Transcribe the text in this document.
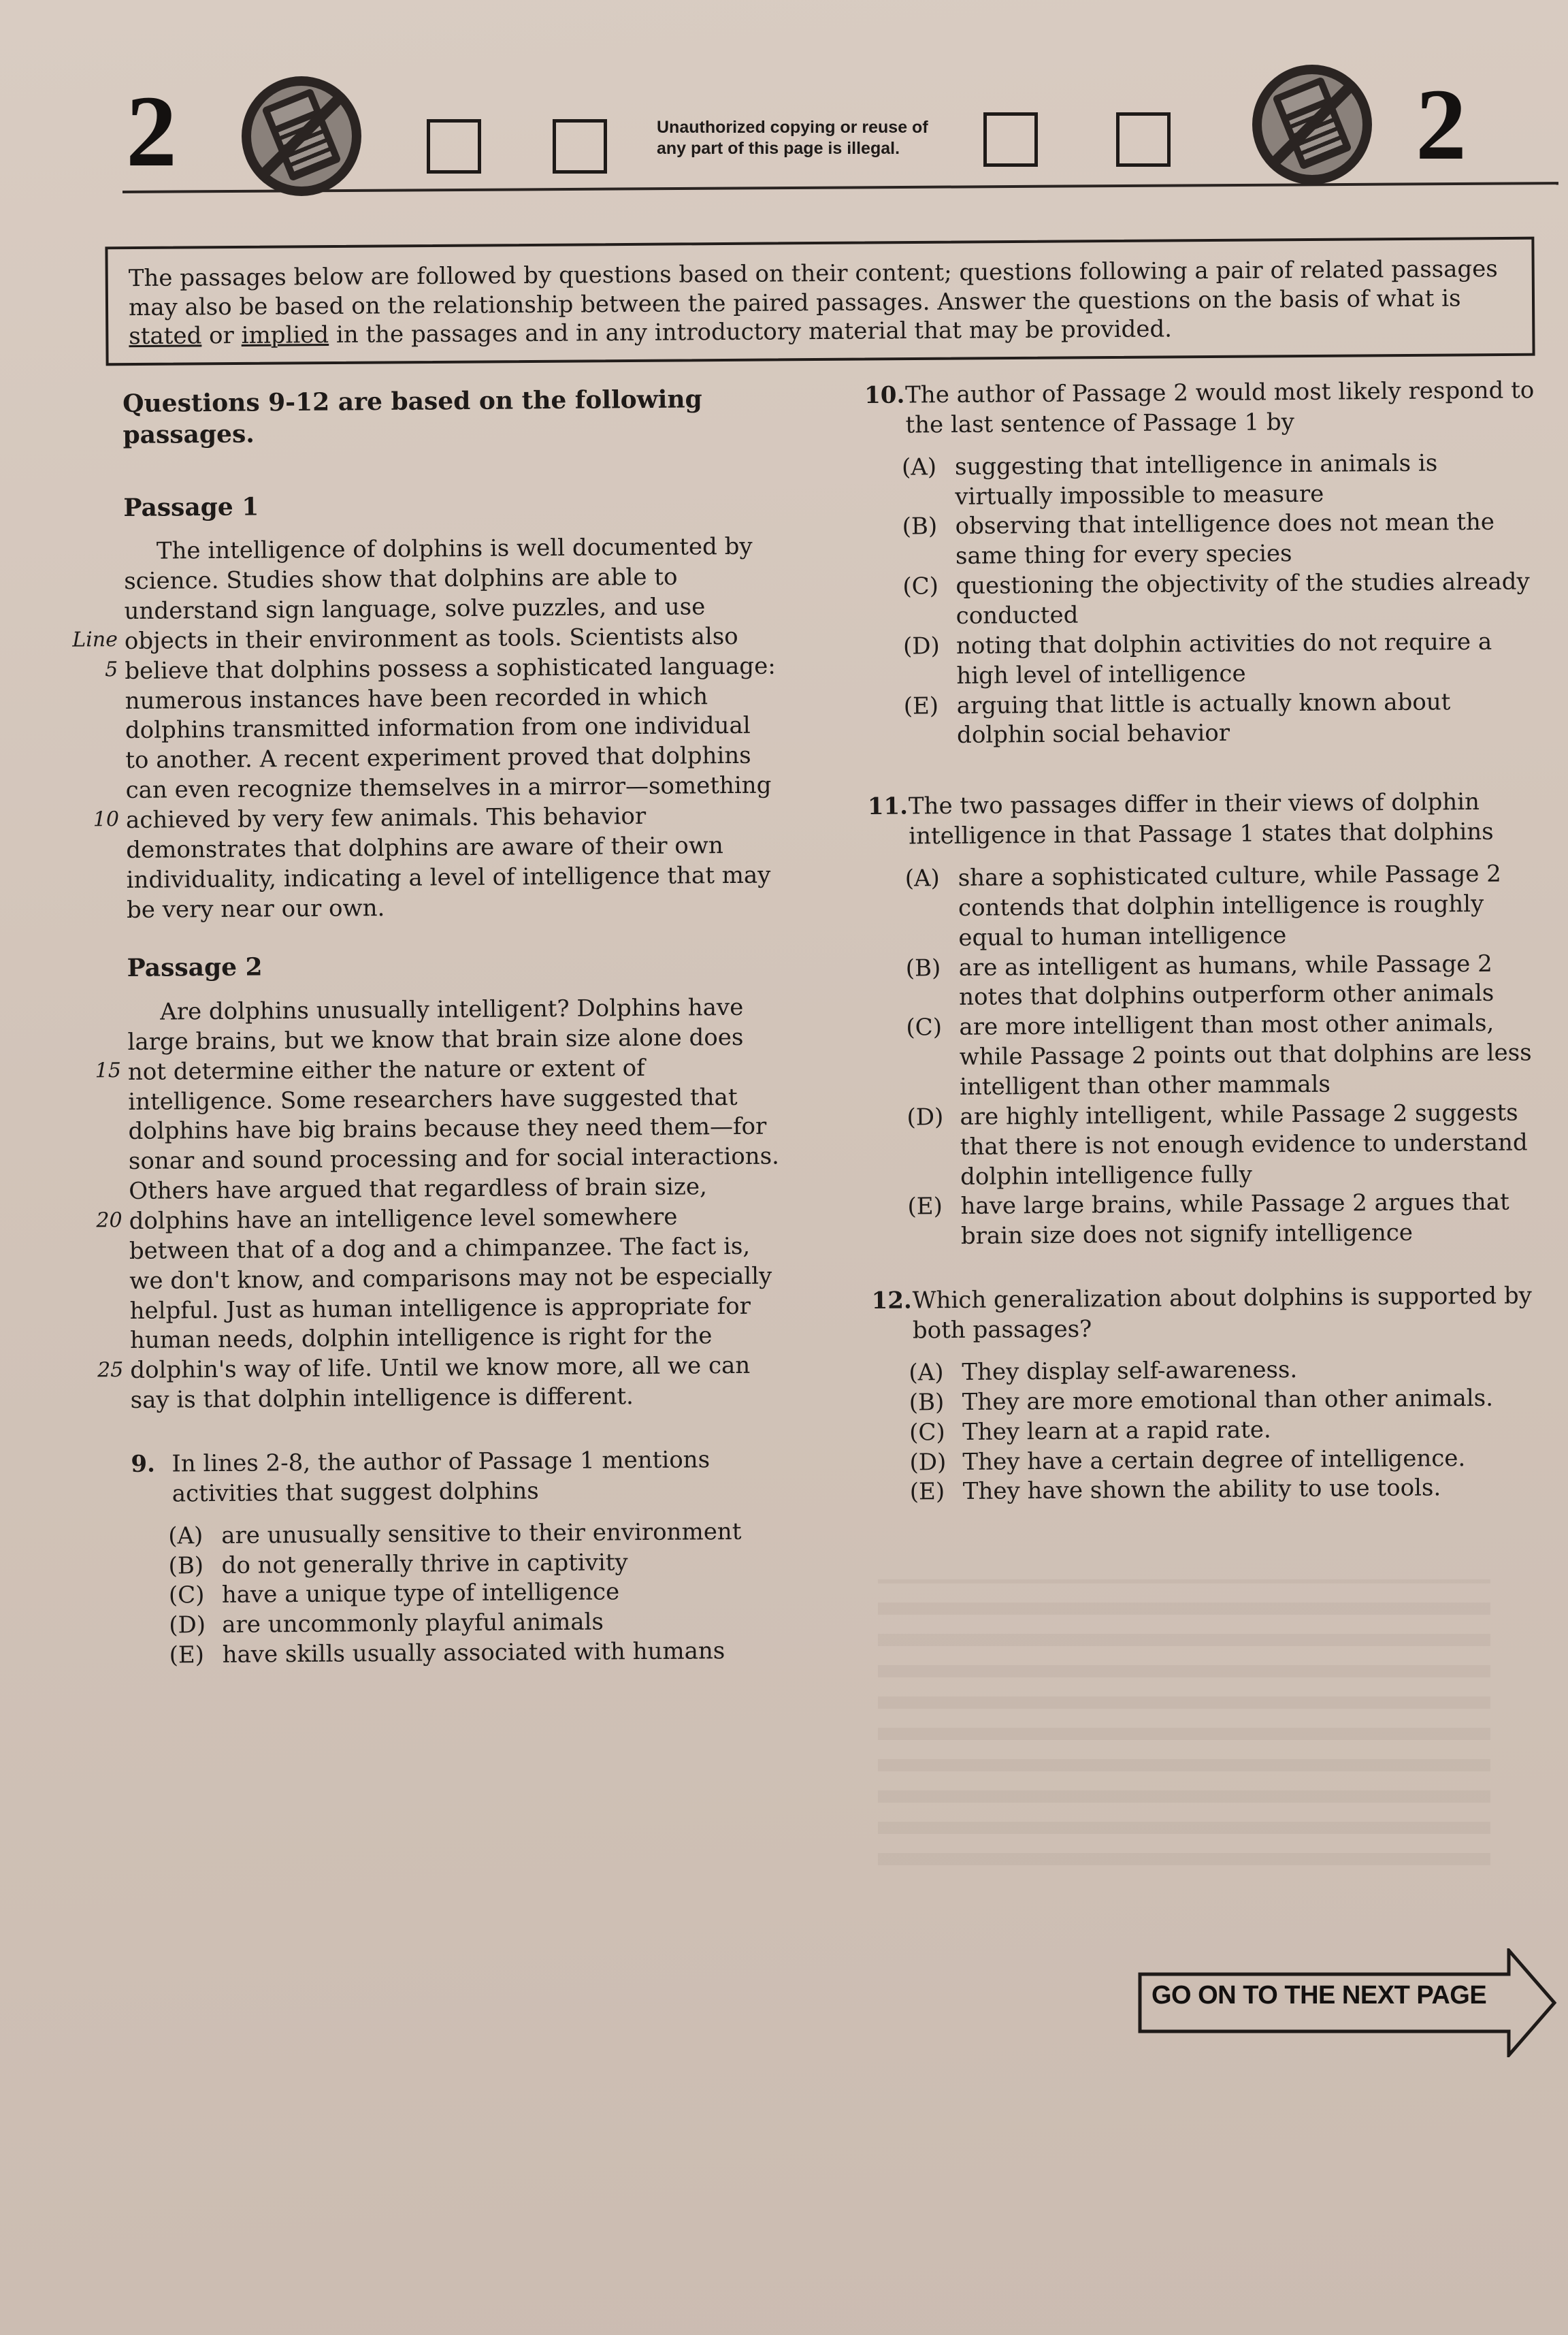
2	Unauthorized copying or reuse of any part of this page is illegal.	2
The passages below are followed by questions based on their content; questions following a pair of related passages may also be based on the relationship between the paired passages. Answer the questions on the basis of what is stated or implied in the passages and in any introductory material that may be provided.
Questions 9-12 are based on the following passages.
Passage 1
Line
5
10

The intelligence of dolphins is well documented by science. Studies show that dolphins are able to understand sign language, solve puzzles, and use objects in their environment as tools. Scientists also believe that dolphins possess a sophisticated language: numerous instances have been recorded in which dolphins transmitted information from one individual to another. A recent experiment proved that dolphins can even recognize themselves in a mirror—something achieved by very few animals. This behavior demonstrates that dolphins are aware of their own individuality, indicating a level of intelligence that may be very near our own.

Passage 2
15
20
25

Are dolphins unusually intelligent? Dolphins have large brains, but we know that brain size alone does not determine either the nature or extent of intelligence. Some researchers have suggested that dolphins have big brains because they need them—for sonar and sound processing and for social interactions. Others have argued that regardless of brain size, dolphins have an intelligence level somewhere between that of a dog and a chimpanzee. The fact is, we don't know, and comparisons may not be especially helpful. Just as human intelligence is appropriate for human needs, dolphin intelligence is right for the dolphin's way of life. Until we know more, all we can say is that dolphin intelligence is different.

9. In lines 2-8, the author of Passage 1 mentions activities that suggest dolphins
(A) are unusually sensitive to their environment
(B) do not generally thrive in captivity
(C) have a unique type of intelligence
(D) are uncommonly playful animals
(E) have skills usually associated with humans
10. The author of Passage 2 would most likely respond to the last sentence of Passage 1 by
(A) suggesting that intelligence in animals is virtually impossible to measure
(B) observing that intelligence does not mean the same thing for every species
(C) questioning the objectivity of the studies already conducted
(D) noting that dolphin activities do not require a high level of intelligence
(E) arguing that little is actually known about dolphin social behavior
11. The two passages differ in their views of dolphin intelligence in that Passage 1 states that dolphins
(A) share a sophisticated culture, while Passage 2 contends that dolphin intelligence is roughly equal to human intelligence
(B) are as intelligent as humans, while Passage 2 notes that dolphins outperform other animals
(C) are more intelligent than most other animals, while Passage 2 points out that dolphins are less intelligent than other mammals
(D) are highly intelligent, while Passage 2 suggests that there is not enough evidence to understand dolphin intelligence fully
(E) have large brains, while Passage 2 argues that brain size does not signify intelligence
12. Which generalization about dolphins is supported by both passages?
(A) They display self-awareness.
(B) They are more emotional than other animals.
(C) They learn at a rapid rate.
(D) They have a certain degree of intelligence.
(E) They have shown the ability to use tools.
GO ON TO THE NEXT PAGE
